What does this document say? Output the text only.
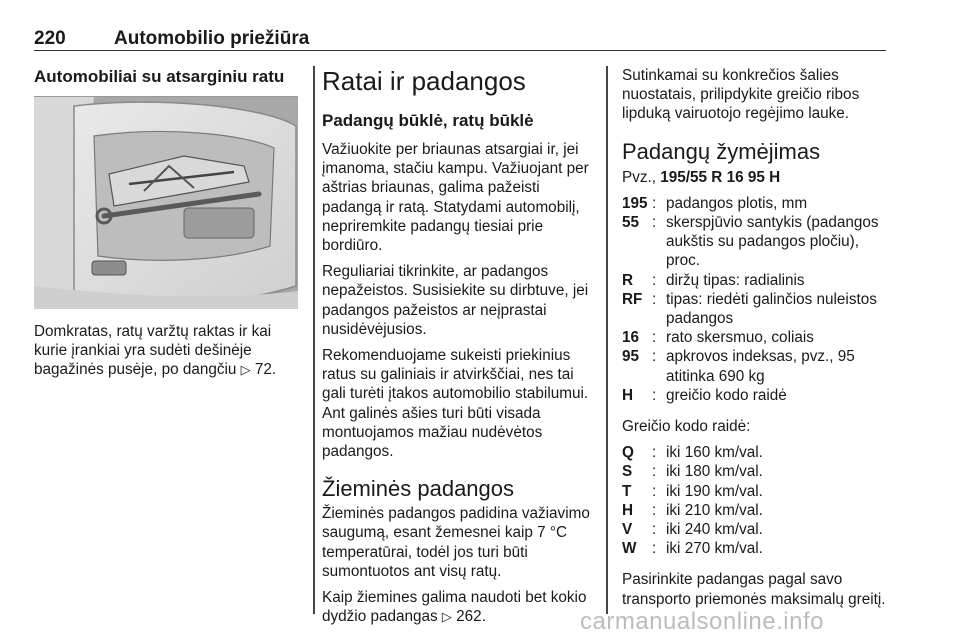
220	Automobilio priežiūra
Automobiliai su atsarginiu ratu

Domkratas, ratų varžtų raktas ir kai kurie įrankiai yra sudėti dešinėje bagažinės pusėje, po dangčiu ▷ 72.

Ratai ir padangos
Padangų būklė, ratų būklė

Važiuokite per briaunas atsargiai ir, jei įmanoma, stačiu kampu. Važiuojant per aštrias briaunas, galima pažeisti padangą ir ratą. Statydami automobilį, nepriremkite padangų tiesiai prie bordiūro.

Reguliariai tikrinkite, ar padangos nepažeistos. Susisiekite su dirbtuve, jei padangos pažeistos ar neįprastai nusidėvėjusios.

Rekomenduojame sukeisti priekinius ratus su galiniais ir atvirkščiai, nes tai gali turėti įtakos automobilio stabilumui. Ant galinės ašies turi būti visada montuojamos mažiau nudėvėtos padangos.

Žieminės padangos

Žieminės padangos padidina važiavimo saugumą, esant žemesnei kaip 7 °C temperatūrai, todėl jos turi būti sumontuotos ant visų ratų.

Kaip žiemines galima naudoti bet kokio dydžio padangas ▷ 262.

Sutinkamai su konkrečios šalies nuostatais, prilipdykite greičio ribos lipduką vairuotojo regėjimo lauke.

Padangų žymėjimas

Pvz., 195/55 R 16 95 H

195	:	padangos plotis, mm
55	:	skerspjūvio santykis (padangos aukštis su padangos pločiu), proc.
R	:	diržų tipas: radialinis
RF	:	tipas: riedėti galinčios nuleistos padangos
16	:	rato skersmuo, coliais
95	:	apkrovos indeksas, pvz., 95 atitinka 690 kg
H	:	greičio kodo raidė

Greičio kodo raidė:

Q	:	iki 160 km/val.
S	:	iki 180 km/val.
T	:	iki 190 km/val.
H	:	iki 210 km/val.
V	:	iki 240 km/val.
W	:	iki 270 km/val.

Pasirinkite padangas pagal savo transporto priemonės maksimalų greitį.

carmanualsonline.info
